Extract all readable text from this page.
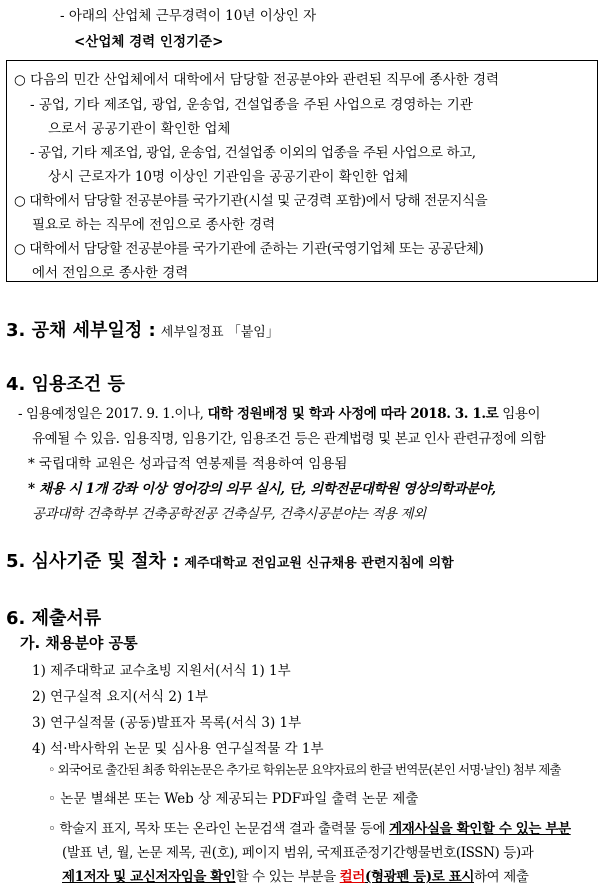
- 아래의 산업체 근무경력이 10년 이상인 자
<산업체 경력 인정기준>
○ 다음의 민간 산업체에서 대학에서 담당할 전공분야와 관련된 직무에 종사한 경력
- 공업, 기타 제조업, 광업, 운송업, 건설업종을 주된 사업으로 경영하는 기관
으로서 공공기관이 확인한 업체
- 공업, 기타 제조업, 광업, 운송업, 건설업종 이외의 업종을 주된 사업으로 하고,
상시 근로자가 10명 이상인 기관임을 공공기관이 확인한 업체
○ 대학에서 담당할 전공분야를 국가기관(시설 및 군경력 포함)에서 당해 전문지식을
필요로 하는 직무에 전임으로 종사한 경력
○ 대학에서 담당할 전공분야를 국가기관에 준하는 기관(국영기업체 또는 공공단체)
에서 전임으로 종사한 경력
3. 공채 세부일정 : 세부일정표 「붙임」
4. 임용조건 등
- 임용예정일은 2017. 9. 1.이나, 대학 정원배정 및 학과 사정에 따라 2018. 3. 1.로 임용이
유예될 수 있음. 임용직명, 임용기간, 임용조건 등은 관계법령 및 본교 인사 관련규정에 의함
* 국립대학 교원은 성과급적 연봉제를 적용하여 임용됨
* 채용 시 1개 강좌 이상 영어강의 의무 실시, 단, 의학전문대학원 영상의학과분야,
공과대학 건축학부 건축공학전공 건축실무, 건축시공분야는 적용 제외
5. 심사기준 및 절차 : 제주대학교 전임교원 신규채용 관련지침에 의함
6. 제출서류
가. 채용분야 공통
1) 제주대학교 교수초빙 지원서(서식 1) 1부
2) 연구실적 요지(서식 2) 1부
3) 연구실적물 (공동)발표자 목록(서식 3) 1부
4) 석·박사학위 논문 및 심사용 연구실적물 각 1부
◦ 외국어로 출간된 최종 학위논문은 추가로 학위논문 요약자료의 한글 번역문(본인 서명·날인) 첨부 제출
◦ 논문 별쇄본 또는 Web 상 제공되는 PDF파일 출력 논문 제출
◦ 학술지 표지, 목차 또는 온라인 논문검색 결과 출력물 등에 게재사실을 확인할 수 있는 부분
(발표 년, 월, 논문 제목, 권(호), 페이지 범위, 국제표준정기간행물번호(ISSN) 등)과
제1저자 및 교신저자임을 확인할 수 있는 부분을 컬러(형광펜 등)로 표시하여 제출
